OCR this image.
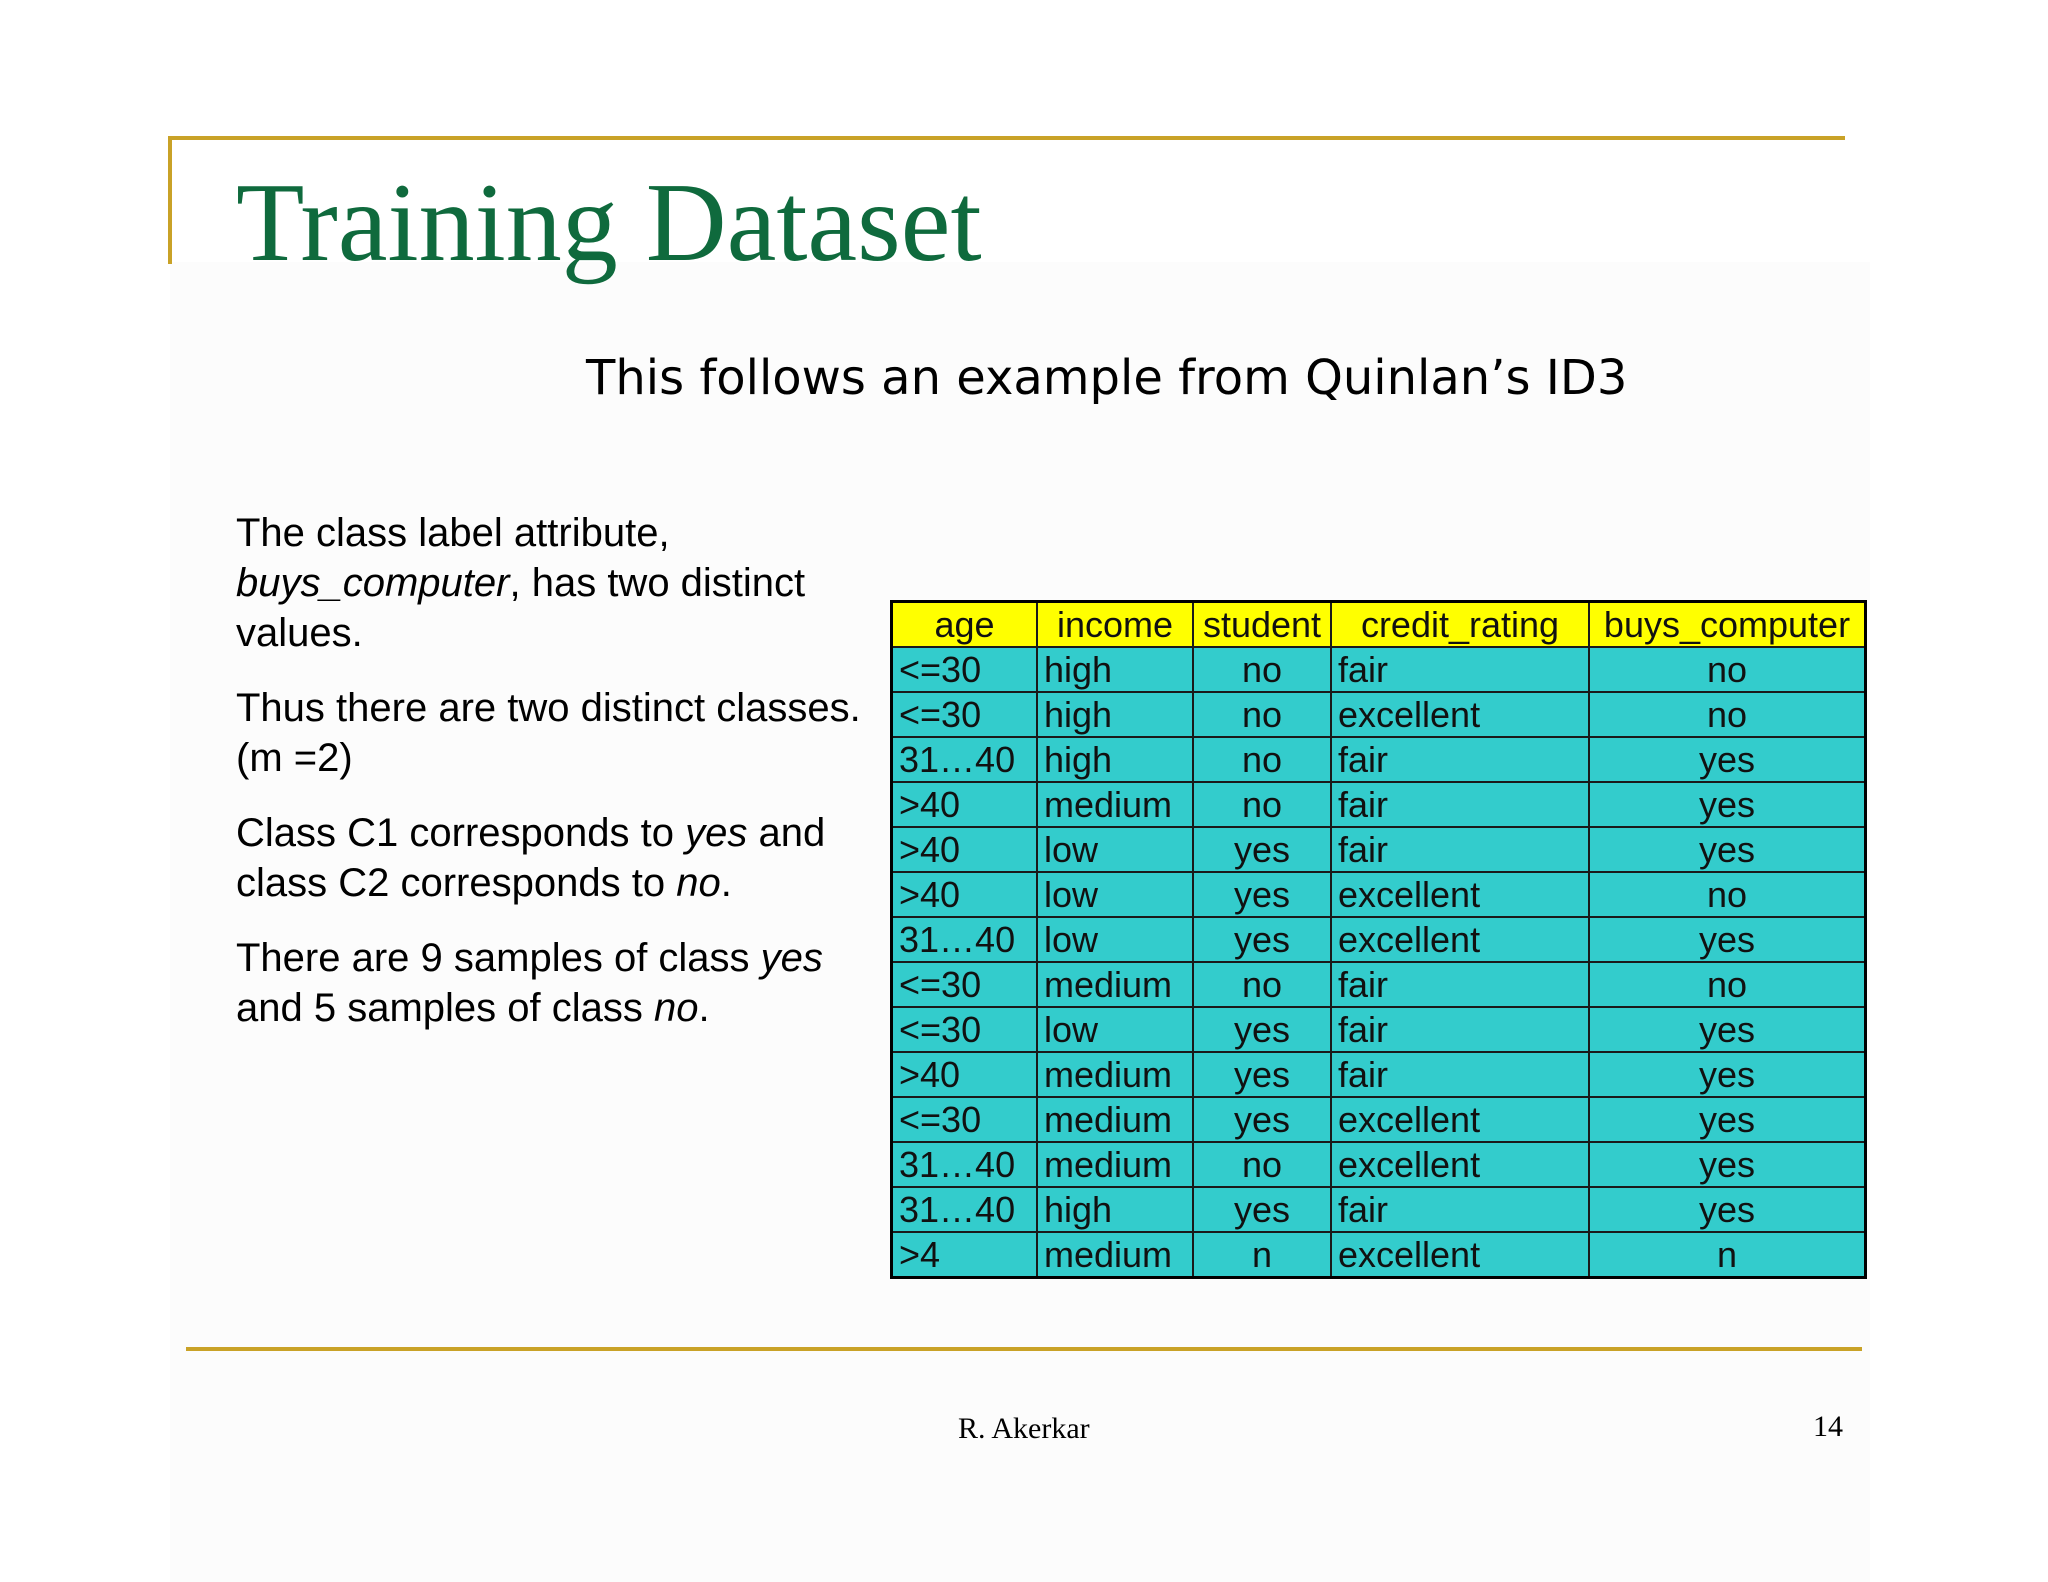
Training Dataset
This follows an example from Quinlan’s ID3

The class label attribute,
buys_computer, has two distinct values.

Thus there are two distinct classes. (m =2)

Class C1 corresponds to yes and class C2 corresponds to no.

There are 9 samples of class yes and 5 samples of class no.

age	income	student	credit_rating	buys_computer
<=30	high	no	fair	no
<=30	high	no	excellent	no
31…40	high	no	fair	yes
>40	medium	no	fair	yes
>40	low	yes	fair	yes
>40	low	yes	excellent	no
31…40	low	yes	excellent	yes
<=30	medium	no	fair	no
<=30	low	yes	fair	yes
>40	medium	yes	fair	yes
<=30	medium	yes	excellent	yes
31…40	medium	no	excellent	yes
31…40	high	yes	fair	yes
>4	medium	n	excellent	n
R. Akerkar	14
